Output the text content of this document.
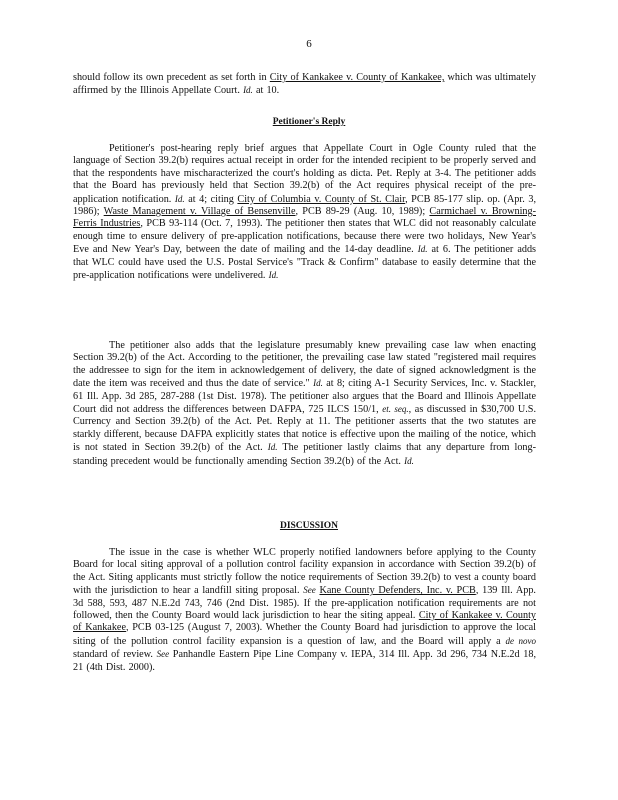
6
should follow its own precedent as set forth in City of Kankakee v. County of Kankakee, which was ultimately affirmed by the Illinois Appellate Court. Id. at 10.
Petitioner's Reply
Petitioner's post-hearing reply brief argues that Appellate Court in Ogle County ruled that the language of Section 39.2(b) requires actual receipt in order for the intended recipient to be properly served and that the respondents have mischaracterized the court's holding as dicta. Pet. Reply at 3-4. The petitioner adds that the Board has previously held that Section 39.2(b) of the Act requires physical receipt of the pre-application notification. Id. at 4; citing City of Columbia v. County of St. Clair, PCB 85-177 slip. op. (Apr. 3, 1986); Waste Management v. Village of Bensenville, PCB 89-29 (Aug. 10, 1989); Carmichael v. Browning-Ferris Industries, PCB 93-114 (Oct. 7, 1993). The petitioner then states that WLC did not reasonably calculate enough time to ensure delivery of pre-application notifications, because there were two holidays, New Year's Eve and New Year's Day, between the date of mailing and the 14-day deadline. Id. at 6. The petitioner adds that WLC could have used the U.S. Postal Service's "Track & Confirm" database to easily determine that the pre-application notifications were undelivered. Id.
The petitioner also adds that the legislature presumably knew prevailing case law when enacting Section 39.2(b) of the Act. According to the petitioner, the prevailing case law stated "registered mail requires the addressee to sign for the item in acknowledgement of delivery, the date of signed acknowledgment is the date the item was received and thus the date of service." Id. at 8; citing A-1 Security Services, Inc. v. Stackler, 61 Ill. App. 3d 285, 287-288 (1st Dist. 1978). The petitioner also argues that the Board and Illinois Appellate Court did not address the differences between DAFPA, 725 ILCS 150/1, et. seq., as discussed in $30,700 U.S. Currency and Section 39.2(b) of the Act. Pet. Reply at 11. The petitioner asserts that the two statutes are starkly different, because DAFPA explicitly states that notice is effective upon the mailing of the notice, which is not stated in Section 39.2(b) of the Act. Id. The petitioner lastly claims that any departure from long-standing precedent would be functionally amending Section 39.2(b) of the Act. Id.
DISCUSSION
The issue in the case is whether WLC properly notified landowners before applying to the County Board for local siting approval of a pollution control facility expansion in accordance with Section 39.2(b) of the Act. Siting applicants must strictly follow the notice requirements of Section 39.2(b) to vest a county board with the jurisdiction to hear a landfill siting proposal. See Kane County Defenders, Inc. v. PCB, 139 Ill. App. 3d 588, 593, 487 N.E.2d 743, 746 (2nd Dist. 1985). If the pre-application notification requirements are not followed, then the County Board would lack jurisdiction to hear the siting appeal. City of Kankakee v. County of Kankakee, PCB 03-125 (August 7, 2003). Whether the County Board had jurisdiction to approve the local siting of the pollution control facility expansion is a question of law, and the Board will apply a de novo standard of review. See Panhandle Eastern Pipe Line Company v. IEPA, 314 Ill. App. 3d 296, 734 N.E.2d 18, 21 (4th Dist. 2000).
